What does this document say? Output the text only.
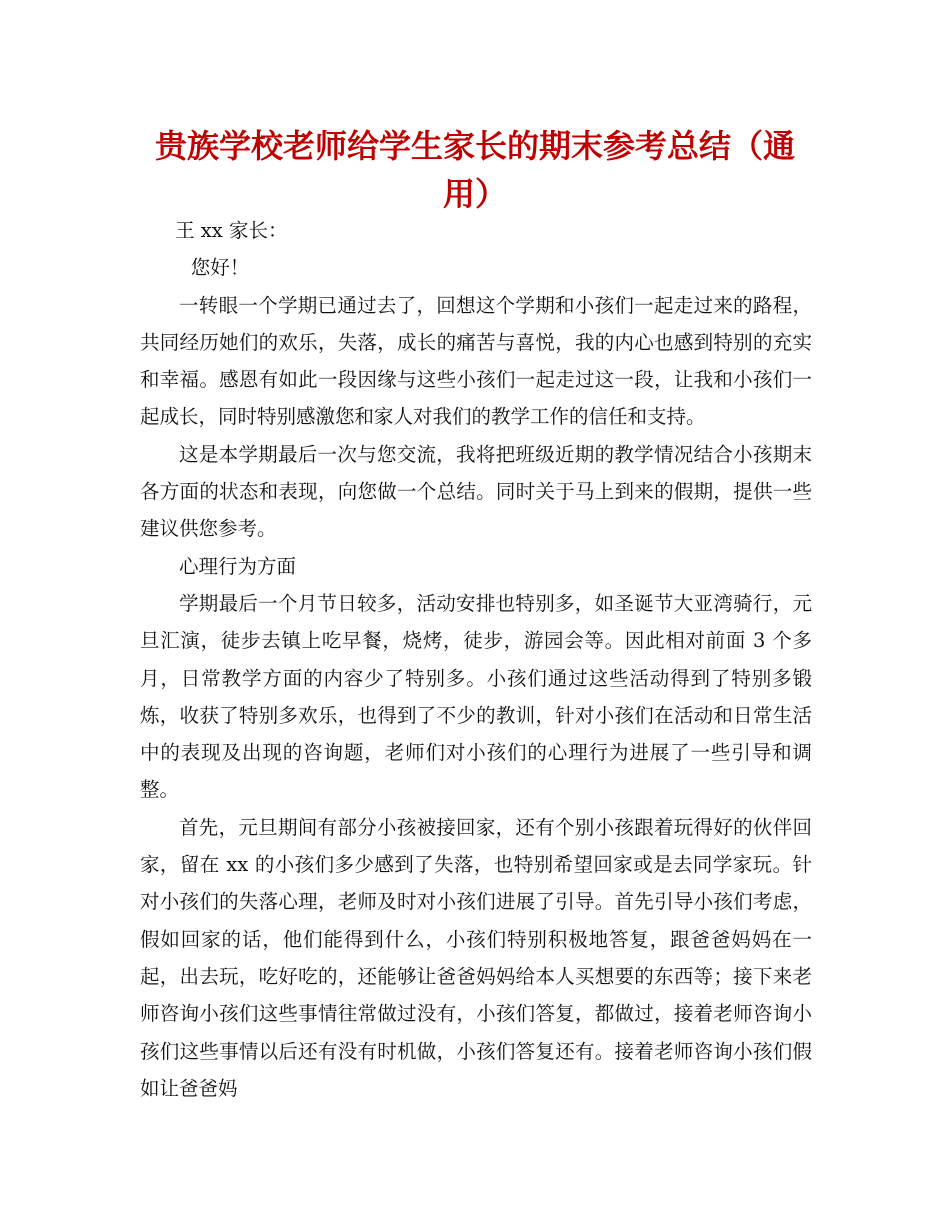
贵族学校老师给学生家长的期末参考总结（通用）

王 xx 家长：

您好！

一转眼一个学期已通过去了，回想这个学期和小孩们一起走过来的路程，共同经历她们的欢乐，失落，成长的痛苦与喜悦，我的内心也感到特别的充实和幸福。感恩有如此一段因缘与这些小孩们一起走过这一段，让我和小孩们一起成长，同时特别感激您和家人对我们的教学工作的信任和支持。

这是本学期最后一次与您交流，我将把班级近期的教学情况结合小孩期末各方面的状态和表现，向您做一个总结。同时关于马上到来的假期，提供一些建议供您参考。

心理行为方面

学期最后一个月节日较多，活动安排也特别多，如圣诞节大亚湾骑行，元旦汇演，徒步去镇上吃早餐，烧烤，徒步，游园会等。因此相对前面 3 个多月，日常教学方面的内容少了特别多。小孩们通过这些活动得到了特别多锻炼，收获了特别多欢乐，也得到了不少的教训，针对小孩们在活动和日常生活中的表现及出现的咨询题，老师们对小孩们的心理行为进展了一些引导和调整。

首先，元旦期间有部分小孩被接回家，还有个别小孩跟着玩得好的伙伴回家，留在 xx 的小孩们多少感到了失落，也特别希望回家或是去同学家玩。针对小孩们的失落心理，老师及时对小孩们进展了引导。首先引导小孩们考虑，假如回家的话，他们能得到什么，小孩们特别积极地答复，跟爸爸妈妈在一起，出去玩，吃好吃的，还能够让爸爸妈妈给本人买想要的东西等；接下来老师咨询小孩们这些事情往常做过没有，小孩们答复，都做过，接着老师咨询小孩们这些事情以后还有没有时机做，小孩们答复还有。接着老师咨询小孩们假如让爸爸妈
